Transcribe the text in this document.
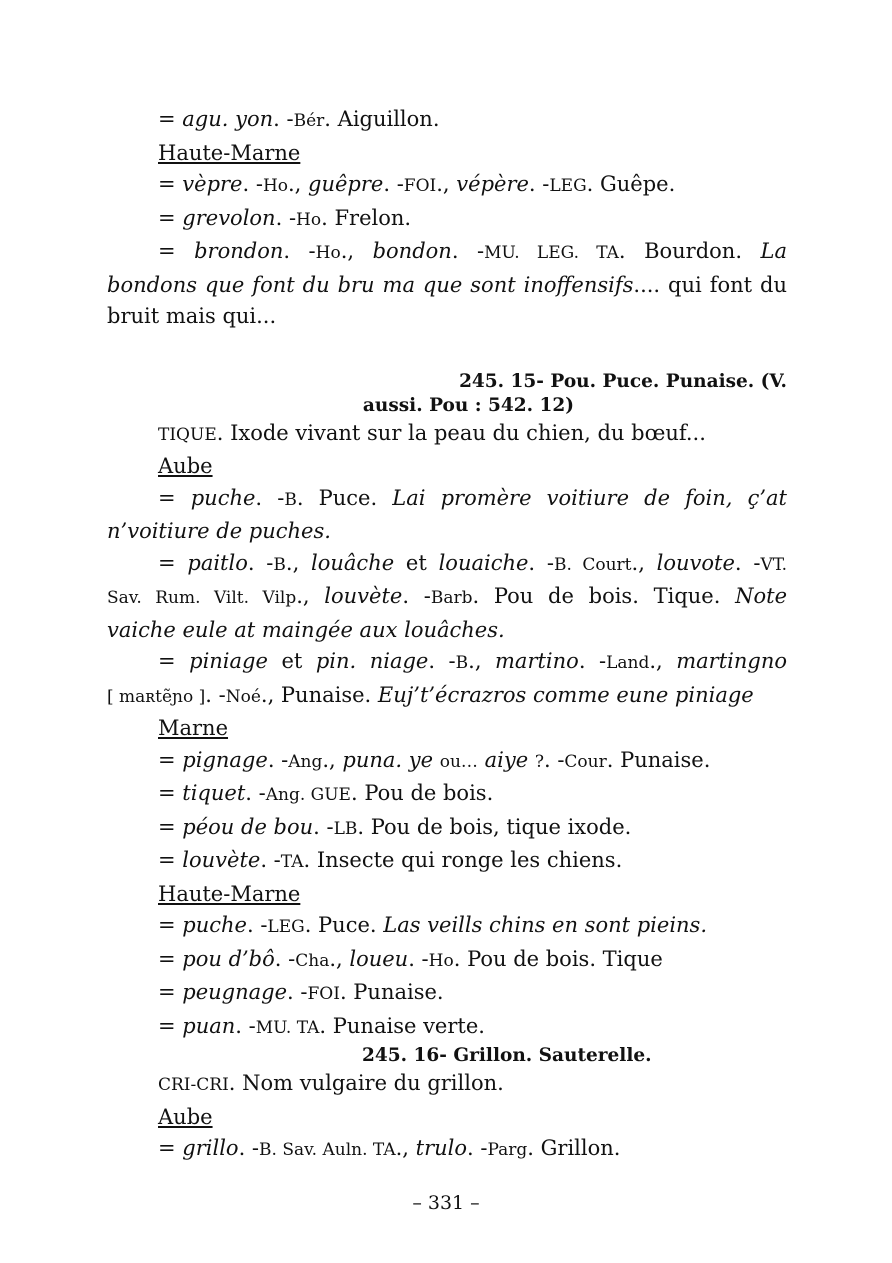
= agu. yon. -Bér. Aiguillon.

Haute-Marne

= vèpre. -Ho., guêpre. -FOI., vépère. -LEG. Guêpe.

= grevolon. -Ho. Frelon.

= brondon. -Ho., bondon. -MU. LEG. TA. Bourdon. La

bondons que font du bru ma que sont inoffensifs.... qui font du

bruit mais qui...

245. 15- Pou. Puce. Punaise. (V.

aussi. Pou : 542. 12)

TIQUE. Ixode vivant sur la peau du chien, du bœuf...

Aube

= puche. -B. Puce. Lai promère voitiure de foin, ç’at

n’voitiure de puches.

= paitlo. -B., louâche et louaiche. -B. Court., louvote. -VT.

Sav. Rum. Vilt. Vilp., louvète. -Barb. Pou de bois. Tique. Note

vaiche eule at maingée aux louâches.

= piniage et pin. niage. -B., martino. -Land., martingno

[ maʀtẽɲo ]. -Noé., Punaise. Euj’t’écrazros comme eune piniage

Marne

= pignage. -Ang., puna. ye ou… aiye ?. -Cour. Punaise.

= tiquet. -Ang. GUE. Pou de bois.

= péou de bou. -LB. Pou de bois, tique ixode.

= louvète. -TA. Insecte qui ronge les chiens.

Haute-Marne

= puche. -LEG. Puce. Las veills chins en sont pieins.

= pou d’bô. -Cha., loueu. -Ho. Pou de bois. Tique

= peugnage. -FOI. Punaise.

= puan. -MU. TA. Punaise verte.

245. 16- Grillon. Sauterelle.

CRI-CRI. Nom vulgaire du grillon.

Aube

= grillo. -B. Sav. Auln. TA., trulo. -Parg. Grillon.

– 331 –
